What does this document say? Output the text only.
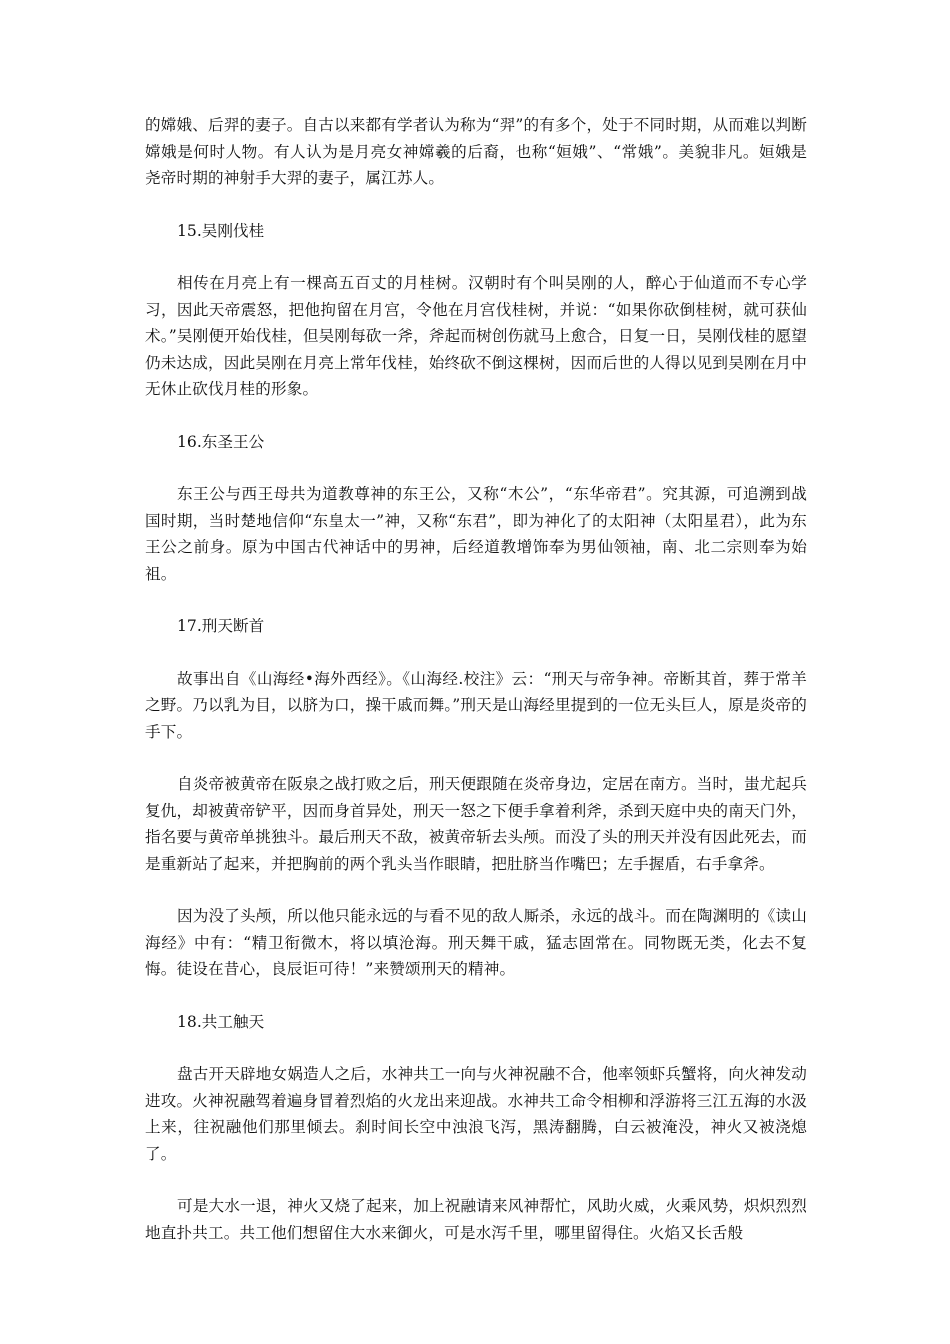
的嫦娥、后羿的妻子。自古以来都有学者认为称为“羿”的有多个，处于不同时期，从而难以判断嫦娥是何时人物。有人认为是月亮女神嫦羲的后裔，也称“姮娥”、“常娥”。美貌非凡。姮娥是尧帝时期的神射手大羿的妻子，属江苏人。

15.吴刚伐桂

相传在月亮上有一棵高五百丈的月桂树。汉朝时有个叫吴刚的人，醉心于仙道而不专心学习，因此天帝震怒，把他拘留在月宫，令他在月宫伐桂树，并说：“如果你砍倒桂树，就可获仙术。”吴刚便开始伐桂，但吴刚每砍一斧，斧起而树创伤就马上愈合，日复一日，吴刚伐桂的愿望仍未达成，因此吴刚在月亮上常年伐桂，始终砍不倒这棵树，因而后世的人得以见到吴刚在月中无休止砍伐月桂的形象。

16.东圣王公

东王公与西王母共为道教尊神的东王公，又称“木公”，“东华帝君”。究其源，可追溯到战国时期，当时楚地信仰“东皇太一”神，又称“东君”，即为神化了的太阳神（太阳星君），此为东王公之前身。原为中国古代神话中的男神，后经道教增饰奉为男仙领袖，南、北二宗则奉为始祖。

17.刑天断首

故事出自《山海经•海外西经》。《山海经.校注》云：“刑天与帝争神。帝断其首，葬于常羊之野。乃以乳为目，以脐为口，操干戚而舞。”刑天是山海经里提到的一位无头巨人，原是炎帝的手下。

自炎帝被黄帝在阪泉之战打败之后，刑天便跟随在炎帝身边，定居在南方。当时，蚩尤起兵复仇，却被黄帝铲平，因而身首异处，刑天一怒之下便手拿着利斧，杀到天庭中央的南天门外，指名要与黄帝单挑独斗。最后刑天不敌，被黄帝斩去头颅。而没了头的刑天并没有因此死去，而是重新站了起来，并把胸前的两个乳头当作眼睛，把肚脐当作嘴巴；左手握盾，右手拿斧。

因为没了头颅，所以他只能永远的与看不见的敌人厮杀，永远的战斗。而在陶渊明的《读山海经》中有：“精卫衔微木，将以填沧海。刑天舞干戚，猛志固常在。同物既无类，化去不复悔。徒设在昔心，良辰讵可待！”来赞颂刑天的精神。

18.共工触天

盘古开天辟地女娲造人之后，水神共工一向与火神祝融不合，他率领虾兵蟹将，向火神发动进攻。火神祝融驾着遍身冒着烈焰的火龙出来迎战。水神共工命令相柳和浮游将三江五海的水汲上来，往祝融他们那里倾去。刹时间长空中浊浪飞泻，黑涛翻腾，白云被淹没，神火又被浇熄了。

可是大水一退，神火又烧了起来，加上祝融请来风神帮忙，风助火威，火乘风势，炽炽烈烈地直扑共工。共工他们想留住大水来御火，可是水泻千里，哪里留得住。火焰又长舌般
